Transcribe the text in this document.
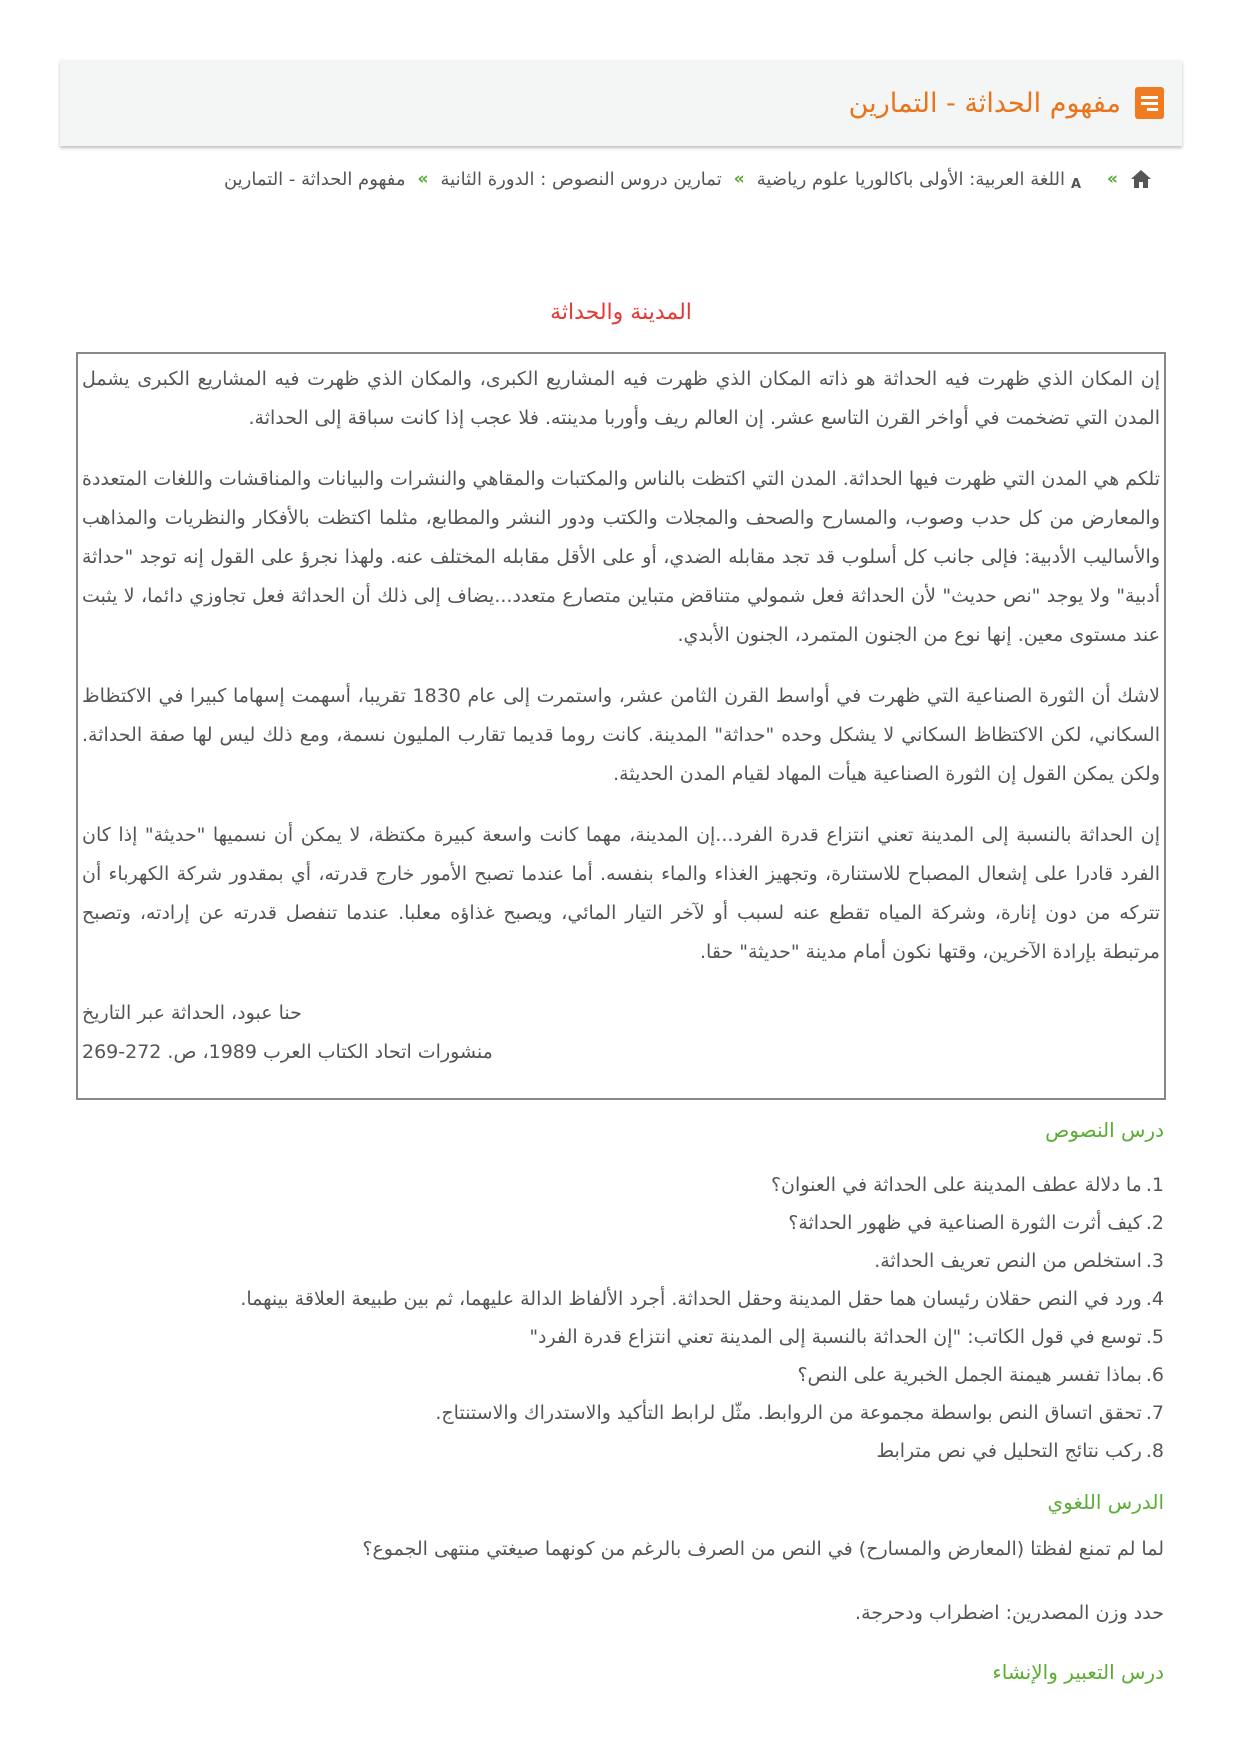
مفهوم الحداثة - التمارين
»
A
اللغة العربية: الأولى باكالوريا علوم رياضية
»
تمارين دروس النصوص : الدورة الثانية
»
مفهوم الحداثة - التمارين
المدينة والحداثة

إن المكان الذي ظهرت فيه الحداثة هو ذاته المكان الذي ظهرت فيه المشاريع الكبرى، والمكان الذي ظهرت فيه المشاريع الكبرى يشمل المدن التي تضخمت في أواخر القرن التاسع عشر. إن العالم ريف وأوربا مدينته. فلا عجب إذا كانت سباقة إلى الحداثة.

تلكم هي المدن التي ظهرت فيها الحداثة. المدن التي اكتظت بالناس والمكتبات والمقاهي والنشرات والبيانات والمناقشات واللغات المتعددة والمعارض من كل حدب وصوب، والمسارح والصحف والمجلات والكتب ودور النشر والمطابع، مثلما اكتظت بالأفكار والنظريات والمذاهب والأساليب الأدبية: فإلى جانب كل أسلوب قد تجد مقابله الضدي، أو على الأقل مقابله المختلف عنه. ولهذا نجرؤ على القول إنه توجد "حداثة أدبية" ولا يوجد "نص حديث" لأن الحداثة فعل شمولي متناقض متباين متصارع متعدد...يضاف إلى ذلك أن الحداثة فعل تجاوزي دائما، لا يثبت عند مستوى معين. إنها نوع من الجنون المتمرد، الجنون الأبدي.

لاشك أن الثورة الصناعية التي ظهرت في أواسط القرن الثامن عشر، واستمرت إلى عام 1830 تقريبا، أسهمت إسهاما كبيرا في الاكتظاظ السكاني، لكن الاكتظاظ السكاني لا يشكل وحده "حداثة" المدينة. كانت روما قديما تقارب المليون نسمة، ومع ذلك ليس لها صفة الحداثة. ولكن يمكن القول إن الثورة الصناعية هيأت المهاد لقيام المدن الحديثة.

إن الحداثة بالنسبة إلى المدينة تعني انتزاع قدرة الفرد...إن المدينة، مهما كانت واسعة كبيرة مكتظة، لا يمكن أن نسميها "حديثة" إذا كان الفرد قادرا على إشعال المصباح للاستنارة، وتجهيز الغذاء والماء بنفسه. أما عندما تصبح الأمور خارج قدرته، أي بمقدور شركة الكهرباء أن تتركه من دون إنارة، وشركة المياه تقطع عنه لسبب أو لآخر التيار المائي، ويصبح غذاؤه معلبا. عندما تنفصل قدرته عن إرادته، وتصبح مرتبطة بإرادة الآخرين، وقتها نكون أمام مدينة "حديثة" حقا.

حنا عبود، الحداثة عبر التاريخ
منشورات اتحاد الكتاب العرب 1989، ص. 272-269
درس النصوص
1.ما دلالة عطف المدينة على الحداثة في العنوان؟
2.كيف أثرت الثورة الصناعية في ظهور الحداثة؟
3.استخلص من النص تعريف الحداثة.
4.ورد في النص حقلان رئيسان هما حقل المدينة وحقل الحداثة. أجرد الألفاظ الدالة عليهما، ثم بين طبيعة العلاقة بينهما.
5.توسع في قول الكاتب: "إن الحداثة بالنسبة إلى المدينة تعني انتزاع قدرة الفرد"
6.بماذا تفسر هيمنة الجمل الخبرية على النص؟
7.تحقق اتساق النص بواسطة مجموعة من الروابط. مثّل لرابط التأكيد والاستدراك والاستنتاج.
8.ركب نتائج التحليل في نص مترابط
الدرس اللغوي
لما لم تمنع لفظتا (المعارض والمسارح) في النص من الصرف بالرغم من كونهما صيغتي منتهى الجموع؟
حدد وزن المصدرين: اضطراب ودحرجة.
درس التعبير والإنشاء
